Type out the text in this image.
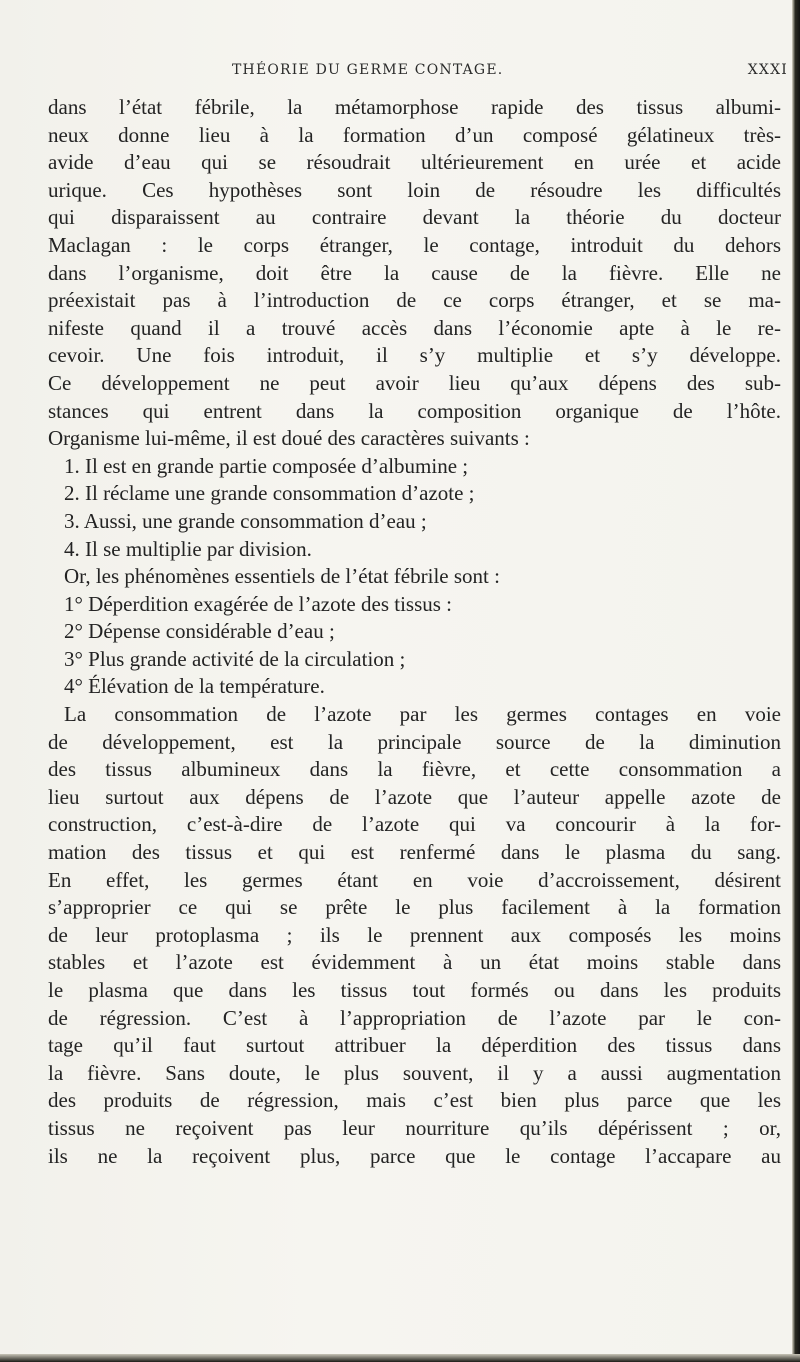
THÉORIE DU GERME CONTAGE.	XXXI
dans l’état fébrile, la métamorphose rapide des tissus albumi-
neux donne lieu à la formation d’un composé gélatineux très-
avide d’eau qui se résoudrait ultérieurement en urée et acide
urique. Ces hypothèses sont loin de résoudre les difficultés
qui disparaissent au contraire devant la théorie du docteur
Maclagan : le corps étranger, le contage, introduit du dehors
dans l’organisme, doit être la cause de la fièvre. Elle ne
préexistait pas à l’introduction de ce corps étranger, et se ma-
nifeste quand il a trouvé accès dans l’économie apte à le re-
cevoir. Une fois introduit, il s’y multiplie et s’y développe.
Ce développement ne peut avoir lieu qu’aux dépens des sub-
stances qui entrent dans la composition organique de l’hôte.
Organisme lui-même, il est doué des caractères suivants :
1. Il est en grande partie composée d’albumine ;
2. Il réclame une grande consommation d’azote ;
3. Aussi, une grande consommation d’eau ;
4. Il se multiplie par division.
Or, les phénomènes essentiels de l’état fébrile sont :
1° Déperdition exagérée de l’azote des tissus :
2° Dépense considérable d’eau ;
3° Plus grande activité de la circulation ;
4° Élévation de la température.
La consommation de l’azote par les germes contages en voie
de développement, est la principale source de la diminution
des tissus albumineux dans la fièvre, et cette consommation a
lieu surtout aux dépens de l’azote que l’auteur appelle azote de
construction, c’est-à-dire de l’azote qui va concourir à la for-
mation des tissus et qui est renfermé dans le plasma du sang.
En effet, les germes étant en voie d’accroissement, désirent
s’approprier ce qui se prête le plus facilement à la formation
de leur protoplasma ; ils le prennent aux composés les moins
stables et l’azote est évidemment à un état moins stable dans
le plasma que dans les tissus tout formés ou dans les produits
de régression. C’est à l’appropriation de l’azote par le con-
tage qu’il faut surtout attribuer la déperdition des tissus dans
la fièvre. Sans doute, le plus souvent, il y a aussi augmentation
des produits de régression, mais c’est bien plus parce que les
tissus ne reçoivent pas leur nourriture qu’ils dépérissent ; or,
ils ne la reçoivent plus, parce que le contage l’accapare au
